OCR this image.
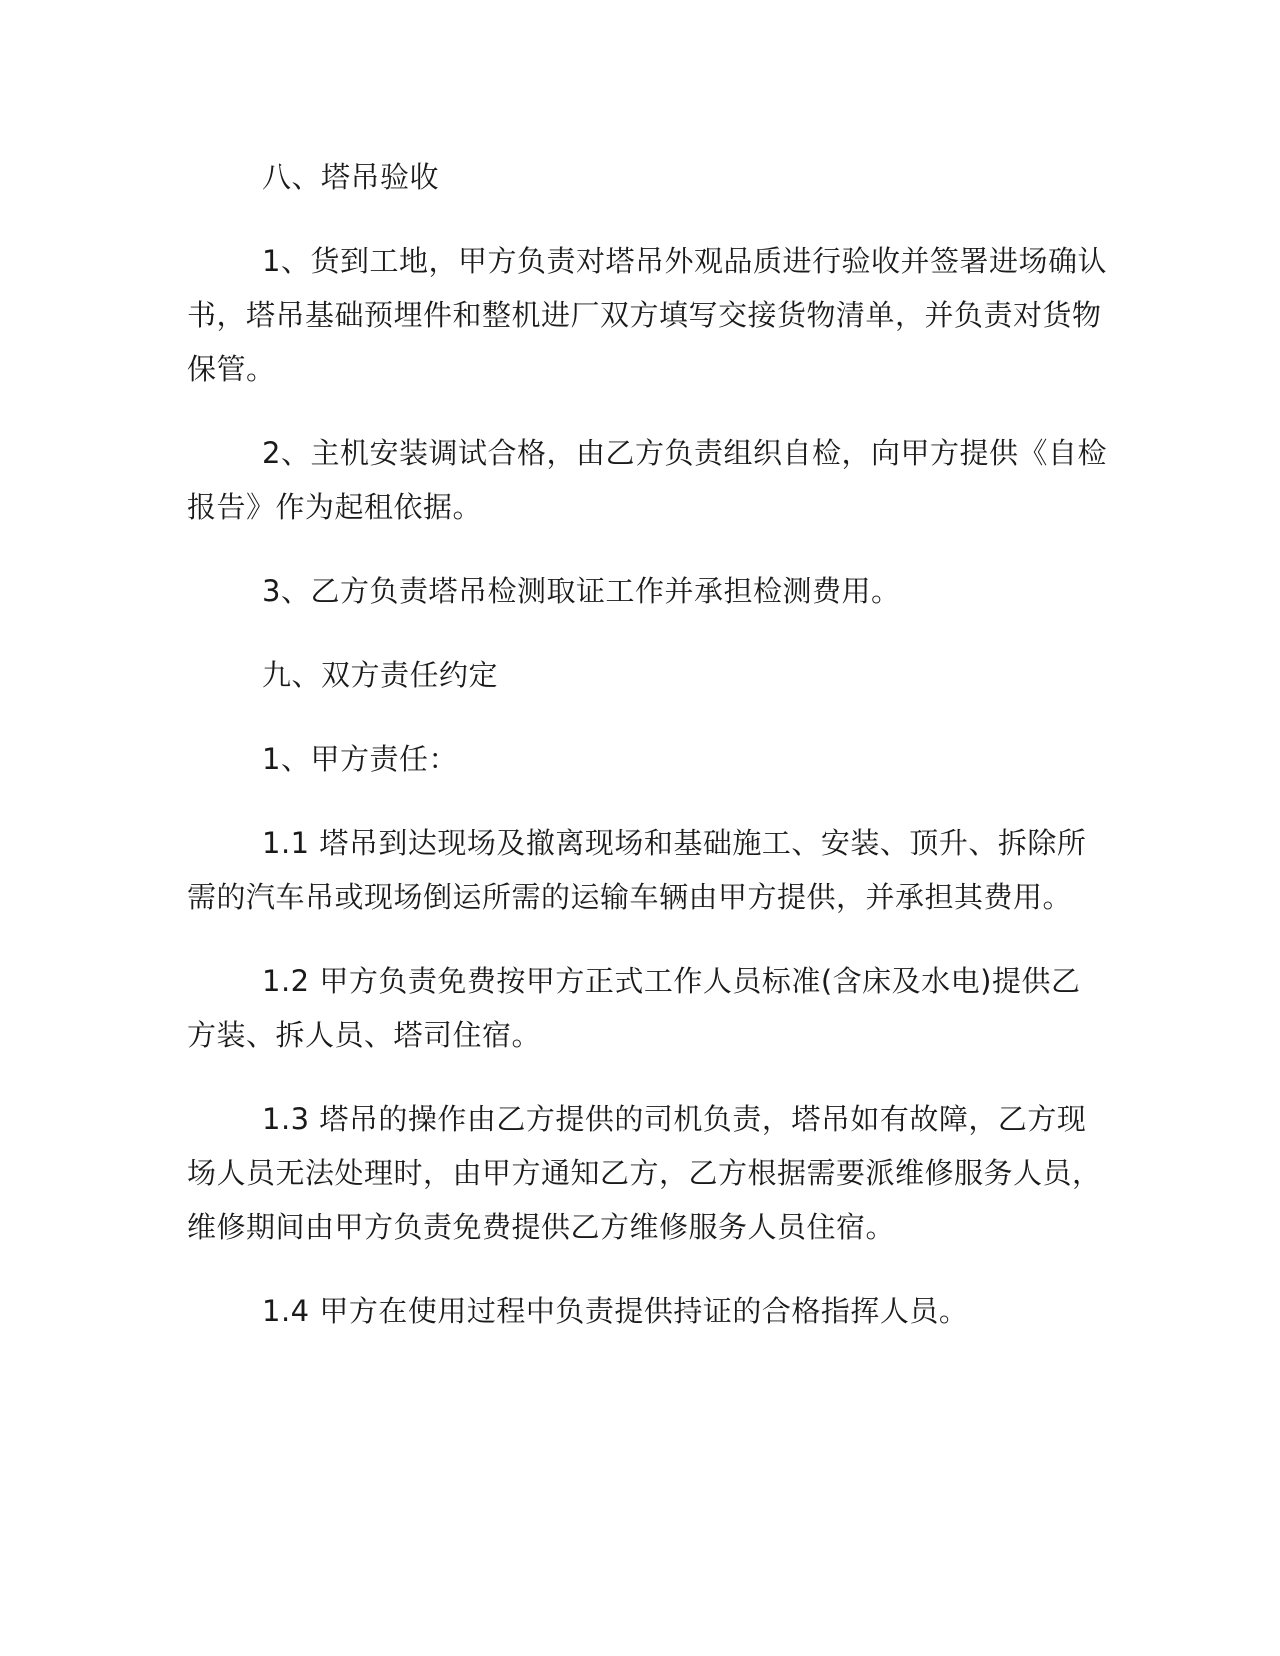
八、塔吊验收

1、货到工地，甲方负责对塔吊外观品质进行验收并签署进场确认书，塔吊基础预埋件和整机进厂双方填写交接货物清单，并负责对货物保管。

2、主机安装调试合格，由乙方负责组织自检，向甲方提供《自检报告》作为起租依据。

3、乙方负责塔吊检测取证工作并承担检测费用。

九、双方责任约定

1、甲方责任：

1.1 塔吊到达现场及撤离现场和基础施工、安装、顶升、拆除所需的汽车吊或现场倒运所需的运输车辆由甲方提供，并承担其费用。

1.2 甲方负责免费按甲方正式工作人员标准(含床及水电)提供乙方装、拆人员、塔司住宿。

1.3 塔吊的操作由乙方提供的司机负责，塔吊如有故障，乙方现场人员无法处理时，由甲方通知乙方，乙方根据需要派维修服务人员，维修期间由甲方负责免费提供乙方维修服务人员住宿。

1.4 甲方在使用过程中负责提供持证的合格指挥人员。
